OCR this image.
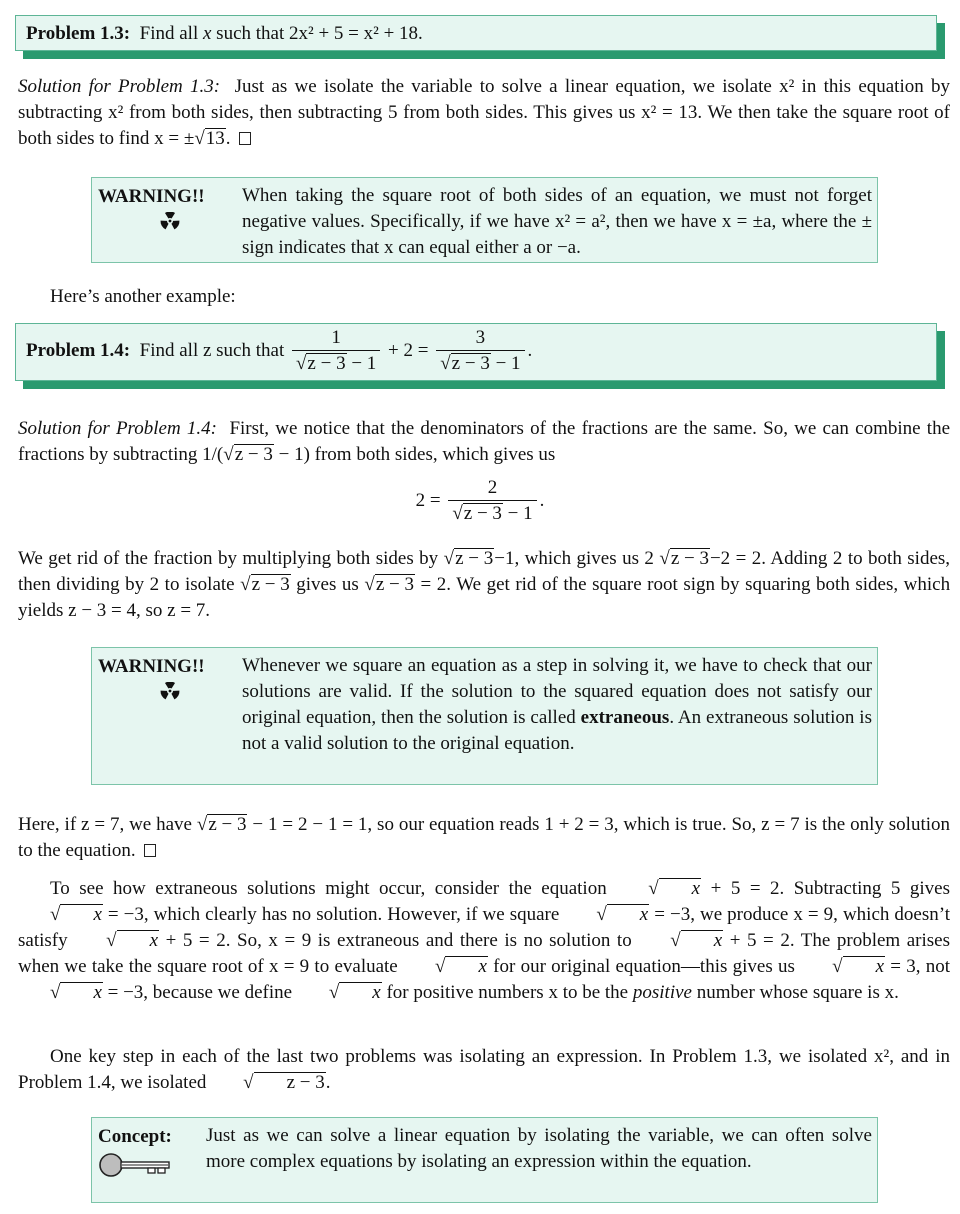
Problem 1.3: Find all x such that 2x² + 5 = x² + 18.
Solution for Problem 1.3: Just as we isolate the variable to solve a linear equation, we isolate x² in this equation by subtracting x² from both sides, then subtracting 5 from both sides. This gives us x² = 13. We then take the square root of both sides to find x = ±√13.
WARNING!!	When taking the square root of both sides of an equation, we must not forget negative values. Specifically, if we have x² = a², then we have x = ±a, where the ± sign indicates that x can equal either a or −a.
Here’s another example:
Problem 1.4: Find all z such that $\frac{1}{√z - 3 - 1} + 2 = \frac{3}{√z - 3 - 1}$ .
Solution for Problem 1.4: First, we notice that the denominators of the fractions are the same. So, we can combine the fractions by subtracting 1/(√z − 3 − 1) from both sides, which gives us
$2 = \frac{2}{√z - 3 - 1}$ .
We get rid of the fraction by multiplying both sides by √z − 3−1, which gives us 2 √z − 3−2 = 2. Adding 2 to both sides, then dividing by 2 to isolate √z − 3 gives us √z − 3 = 2. We get rid of the square root sign by squaring both sides, which yields z − 3 = 4, so z = 7.
WARNING!!	Whenever we square an equation as a step in solving it, we have to check that our solutions are valid. If the solution to the squared equation does not satisfy our original equation, then the solution is called extraneous. An extraneous solution is not a valid solution to the original equation.
Here, if z = 7, we have √z − 3 − 1 = 2 − 1 = 1, so our equation reads 1 + 2 = 3, which is true. So, z = 7 is the only solution to the equation.
To see how extraneous solutions might occur, consider the equation √ x + 5 = 2. Subtracting 5 gives √ x = −3, which clearly has no solution. However, if we square √ x = −3, we produce x = 9, which doesn’t satisfy √ x + 5 = 2. So, x = 9 is extraneous and there is no solution to √ x + 5 = 2. The problem arises when we take the square root of x = 9 to evaluate √ x for our original equation—this gives us √ x = 3, not √ x = −3, because we define √ x for positive numbers x to be the positive number whose square is x.
One key step in each of the last two problems was isolating an expression. In Problem 1.3, we isolated x², and in Problem 1.4, we isolated √ z − 3.
Concept:	Just as we can solve a linear equation by isolating the variable, we can often solve more complex equations by isolating an expression within the equation.
